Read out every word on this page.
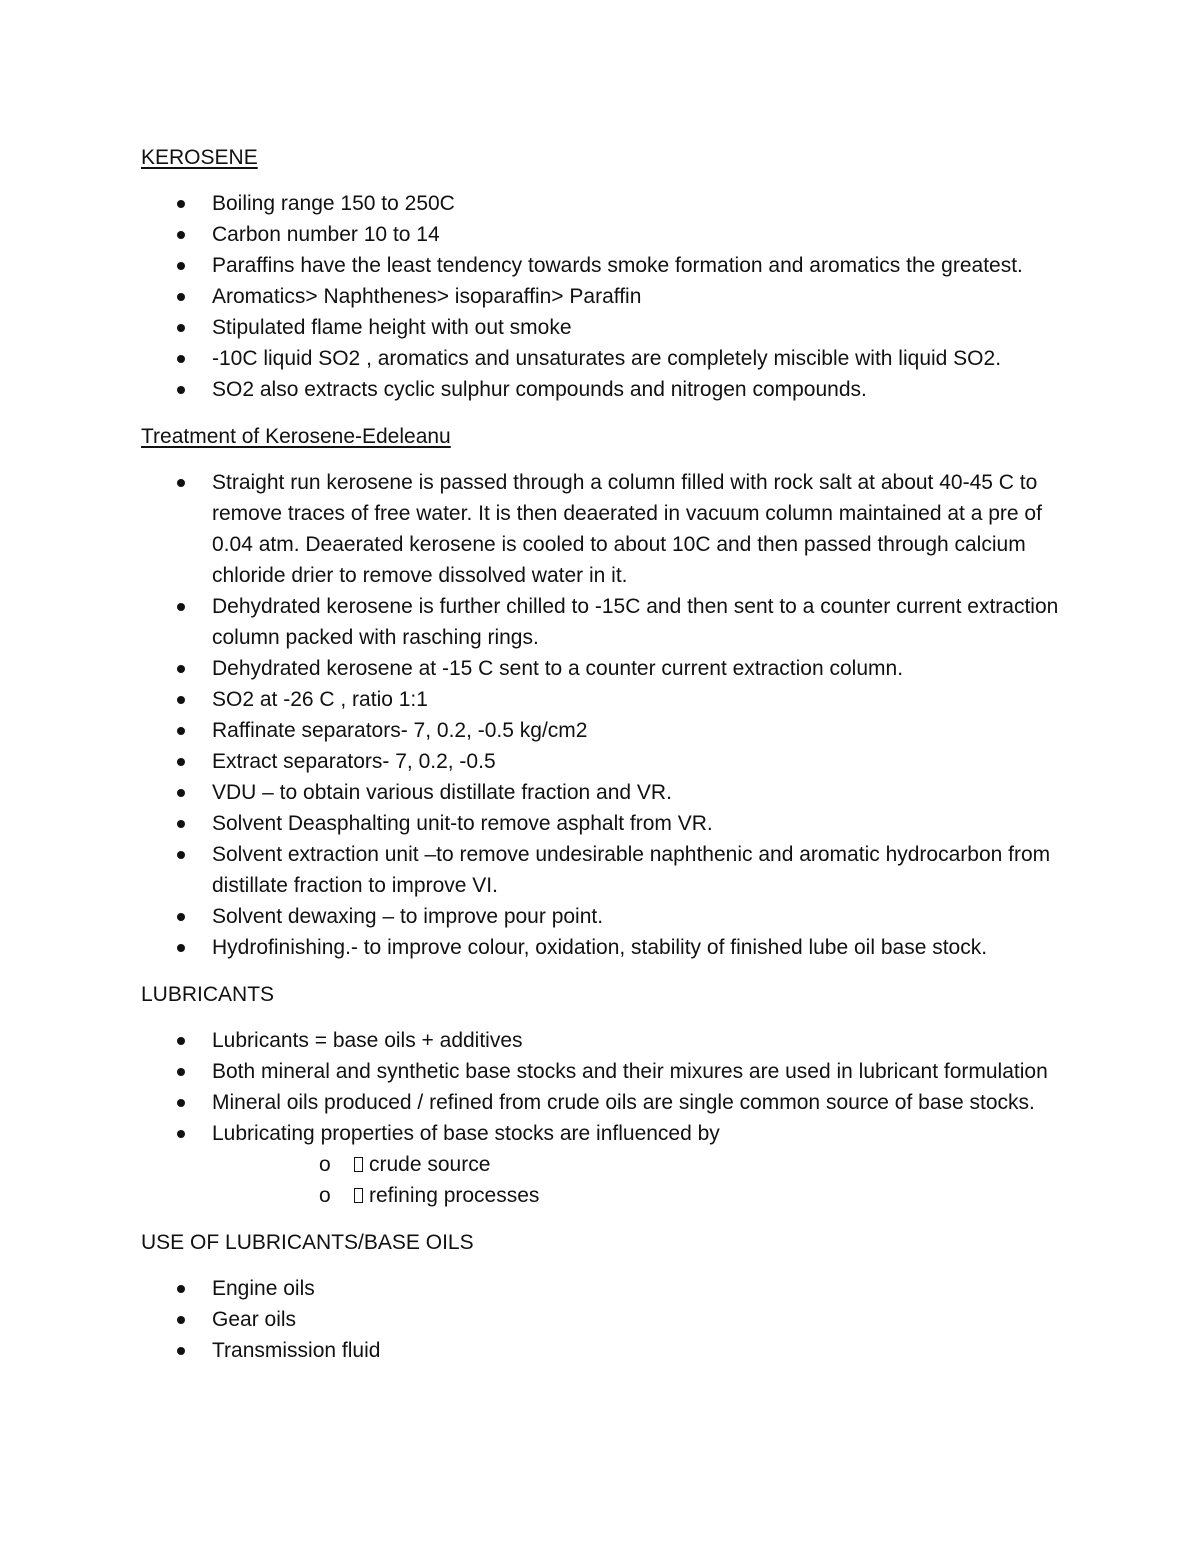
KEROSENE

Boiling range 150 to 250C
Carbon number 10 to 14
Paraffins have the least tendency towards smoke formation and aromatics the greatest.
Aromatics> Naphthenes> isoparaffin> Paraffin
Stipulated flame height with out smoke
-10C liquid SO2 , aromatics and unsaturates are completely miscible with liquid SO2.
SO2 also extracts cyclic sulphur compounds and nitrogen compounds.

Treatment of Kerosene-Edeleanu

Straight run kerosene is passed through a column filled with rock salt at about 40-45 C to remove traces of free water. It is then deaerated in vacuum column maintained at a pre of 0.04 atm. Deaerated kerosene is cooled to about 10C and then passed through calcium chloride drier to remove dissolved water in it.
Dehydrated kerosene is further chilled to -15C and then sent to a counter current extraction column packed with rasching rings.
Dehydrated kerosene at -15 C sent to a counter current extraction column.
SO2 at -26 C , ratio 1:1
Raffinate separators- 7, 0.2, -0.5 kg/cm2
Extract separators- 7, 0.2, -0.5
VDU – to obtain various distillate fraction and VR.
Solvent Deasphalting unit-to remove asphalt from VR.
Solvent extraction unit –to remove undesirable naphthenic and aromatic hydrocarbon from distillate fraction to improve VI.
Solvent dewaxing – to improve pour point.
Hydrofinishing.- to improve colour, oxidation, stability of finished lube oil base stock.

LUBRICANTS

Lubricants = base oils + additives
Both mineral and synthetic base stocks and their mixures are used in lubricant formulation
Mineral oils produced / refined from crude oils are single common source of base stocks.
Lubricating properties of base stocks are influenced by
o crude source
o refining processes

USE OF LUBRICANTS/BASE OILS

Engine oils
Gear oils
Transmission fluid
